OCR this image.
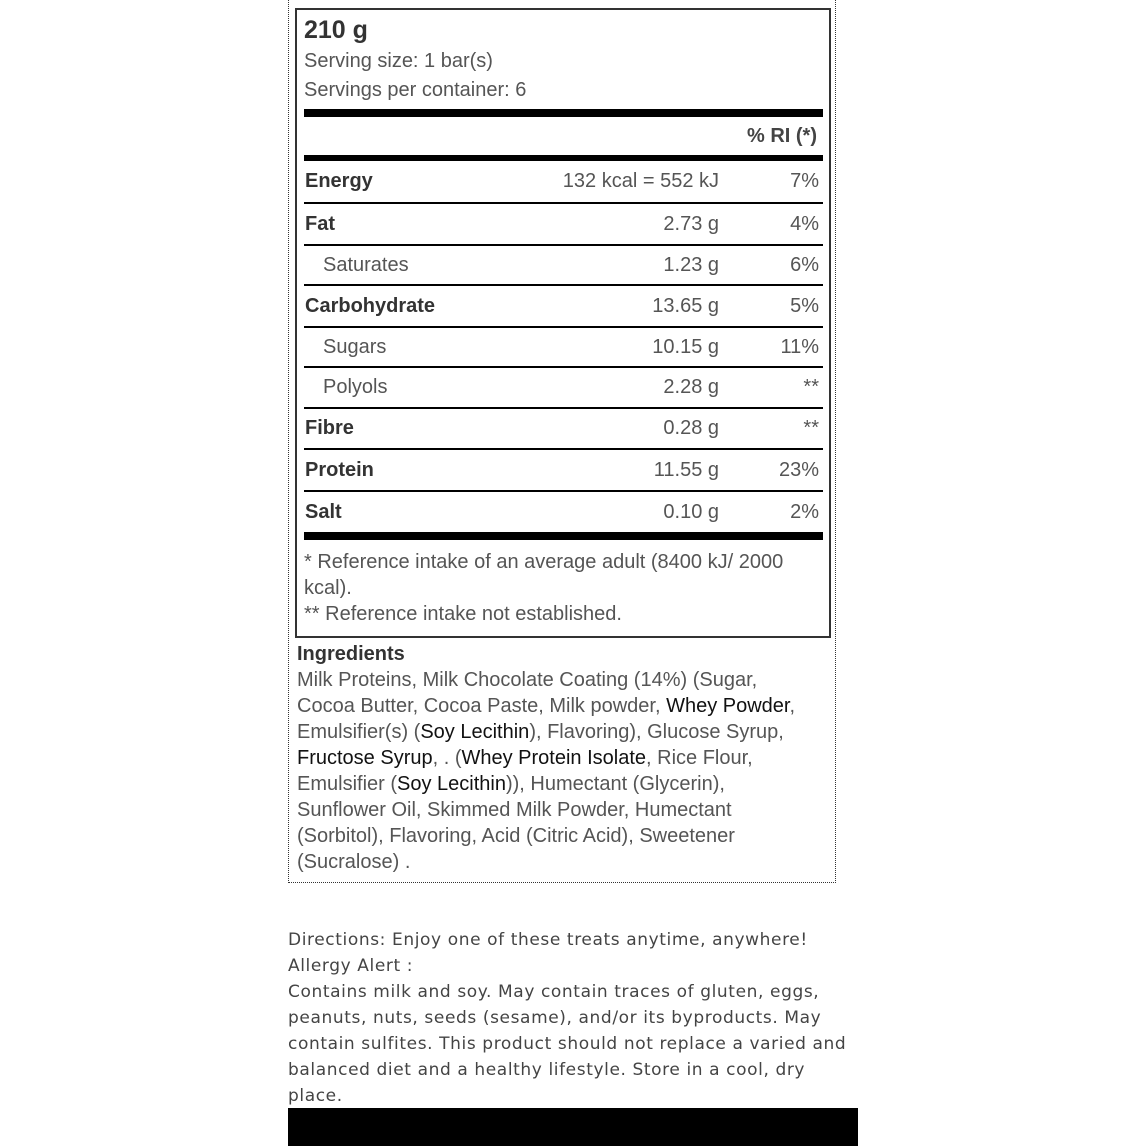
210 g
Serving size: 1 bar(s)
Servings per container: 6
% RI (*)
Energy	132 kcal = 552 kJ	7%
Fat	2.73 g	4%
Saturates	1.23 g	6%
Carbohydrate	13.65 g	5%
Sugars	10.15 g	11%
Polyols	2.28 g	**
Fibre	0.28 g	**
Protein	11.55 g	23%
Salt	0.10 g	2%
* Reference intake of an average adult (8400 kJ/ 2000 kcal).
** Reference intake not established.
Ingredients
Milk Proteins, Milk Chocolate Coating (14%) (Sugar, Cocoa Butter, Cocoa Paste, Milk powder, Whey Powder, Emulsifier(s) (Soy Lecithin), Flavoring), Glucose Syrup, Fructose Syrup, . (Whey Protein Isolate, Rice Flour, Emulsifier (Soy Lecithin)), Humectant (Glycerin), Sunflower Oil, Skimmed Milk Powder, Humectant (Sorbitol), Flavoring, Acid (Citric Acid), Sweetener (Sucralose) .
Directions: Enjoy one of these treats anytime, anywhere!
Allergy Alert :
Contains milk and soy. May contain traces of gluten, eggs, peanuts, nuts, seeds (sesame), and/or its byproducts. May contain sulfites. This product should not replace a varied and balanced diet and a healthy lifestyle. Store in a cool, dry place.
